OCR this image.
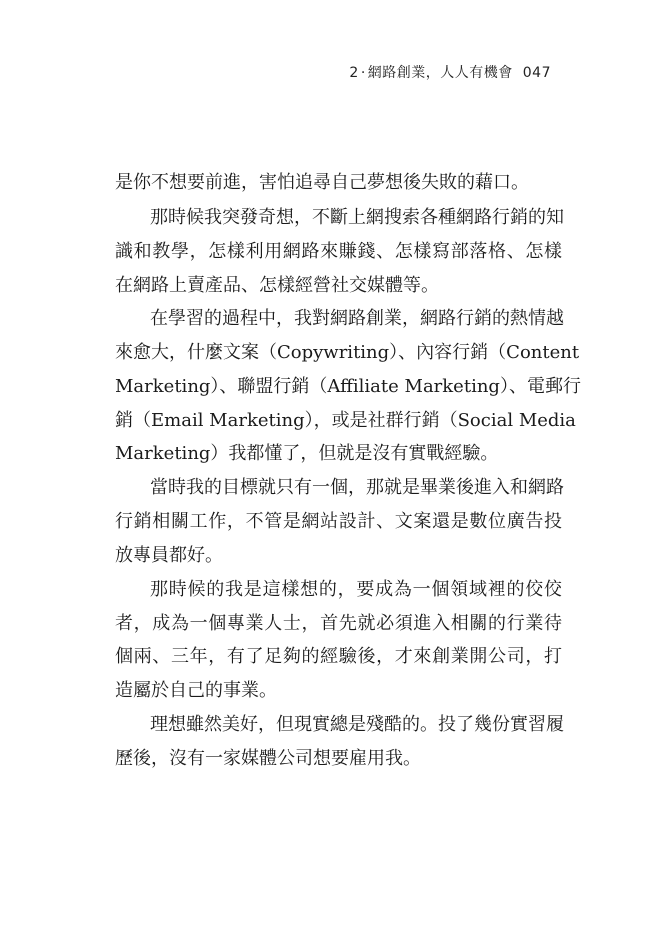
2 · 網路創業，人人有機會 047
是你不想要前進，害怕追尋自己夢想後失敗的藉口。
那時候我突發奇想，不斷上網搜索各種網路行銷的知
識和教學，怎樣利用網路來賺錢、怎樣寫部落格、怎樣
在網路上賣產品、怎樣經營社交媒體等。
在學習的過程中，我對網路創業，網路行銷的熱情越
來愈大，什麼文案（Copywriting）、內容行銷（Content
Marketing）、聯盟行銷（Affiliate Marketing）、電郵行
銷（Email Marketing），或是社群行銷（Social Media
Marketing）我都懂了，但就是沒有實戰經驗。
當時我的目標就只有一個，那就是畢業後進入和網路
行銷相關工作，不管是網站設計、文案還是數位廣告投
放專員都好。
那時候的我是這樣想的，要成為一個領域裡的佼佼
者，成為一個專業人士，首先就必須進入相關的行業待
個兩、三年，有了足夠的經驗後，才來創業開公司，打
造屬於自己的事業。
理想雖然美好，但現實總是殘酷的。投了幾份實習履
歷後，沒有一家媒體公司想要雇用我。
